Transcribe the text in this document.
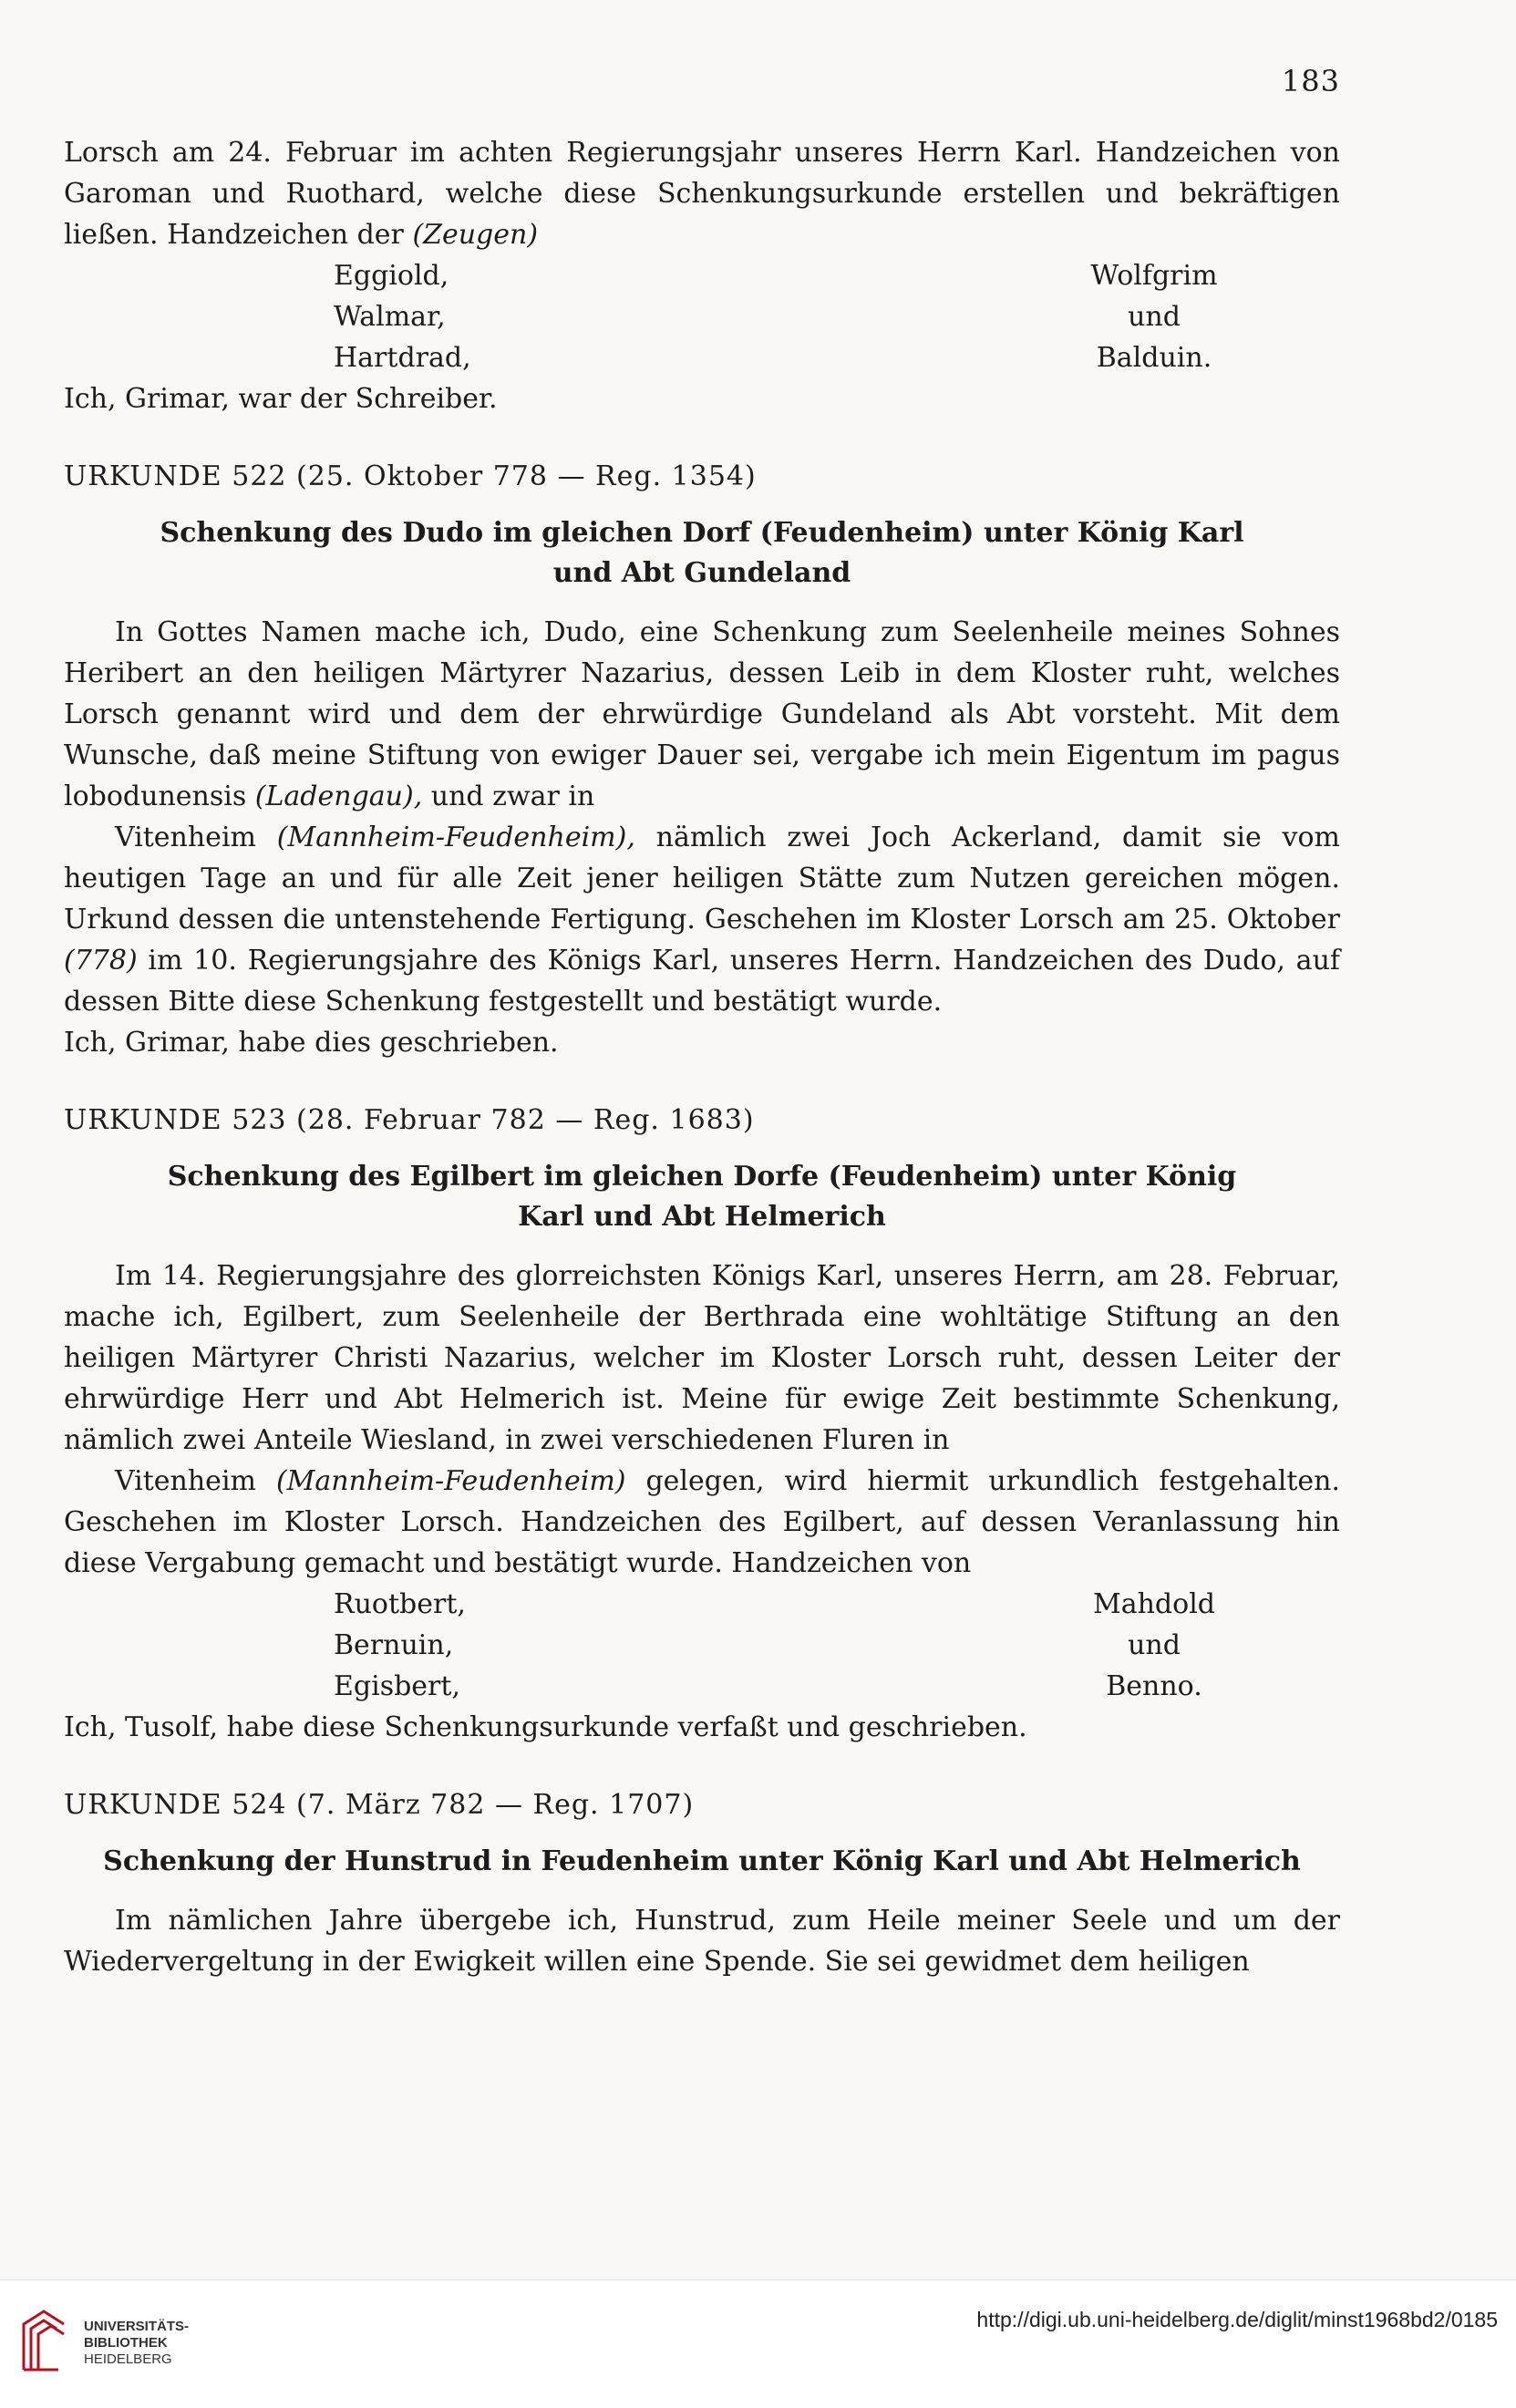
183

Lorsch am 24. Februar im achten Regierungsjahr unseres Herrn Karl. Handzeichen von

Garoman und Ruothard, welche diese Schenkungsurkunde erstellen und bekräftigen

ließen. Handzeichen der (Zeugen)

Eggiold,	Wolfgrim
Walmar,	und
Hartdrad,	Balduin.

Ich, Grimar, war der Schreiber.

URKUNDE 522 (25. Oktober 778 — Reg. 1354)

Schenkung des Dudo im gleichen Dorf (Feudenheim) unter König Karl
und Abt Gundeland

In Gottes Namen mache ich, Dudo, eine Schenkung zum Seelenheile meines Sohnes Heribert an den heiligen Märtyrer Nazarius, dessen Leib in dem Kloster ruht, welches Lorsch genannt wird und dem der ehrwürdige Gundeland als Abt vorsteht. Mit dem Wunsche, daß meine Stiftung von ewiger Dauer sei, vergabe ich mein Eigentum im pagus lobodunensis (Ladengau), und zwar in

Vitenheim (Mannheim-Feudenheim), nämlich zwei Joch Ackerland, damit sie vom heutigen Tage an und für alle Zeit jener heiligen Stätte zum Nutzen gereichen mögen. Urkund dessen die untenstehende Fertigung. Geschehen im Kloster Lorsch am 25. Oktober (778) im 10. Regierungsjahre des Königs Karl, unseres Herrn. Handzeichen des Dudo, auf dessen Bitte diese Schenkung festgestellt und bestätigt wurde.

Ich, Grimar, habe dies geschrieben.

URKUNDE 523 (28. Februar 782 — Reg. 1683)

Schenkung des Egilbert im gleichen Dorfe (Feudenheim) unter König
Karl und Abt Helmerich

Im 14. Regierungsjahre des glorreichsten Königs Karl, unseres Herrn, am 28. Februar, mache ich, Egilbert, zum Seelenheile der Berthrada eine wohltätige Stiftung an den heiligen Märtyrer Christi Nazarius, welcher im Kloster Lorsch ruht, dessen Leiter der ehrwürdige Herr und Abt Helmerich ist. Meine für ewige Zeit bestimmte Schenkung, nämlich zwei Anteile Wiesland, in zwei verschiedenen Fluren in

Vitenheim (Mannheim-Feudenheim) gelegen, wird hiermit urkundlich festgehalten. Geschehen im Kloster Lorsch. Handzeichen des Egilbert, auf dessen Veranlassung hin diese Vergabung gemacht und bestätigt wurde. Handzeichen von

Ruotbert,	Mahdold
Bernuin,	und
Egisbert,	Benno.

Ich, Tusolf, habe diese Schenkungsurkunde verfaßt und geschrieben.

URKUNDE 524 (7. März 782 — Reg. 1707)

Schenkung der Hunstrud in Feudenheim unter König Karl und Abt Helmerich

Im nämlichen Jahre übergebe ich, Hunstrud, zum Heile meiner Seele und um der Wiedervergeltung in der Ewigkeit willen eine Spende. Sie sei gewidmet dem heiligen

UNIVERSITÄTS-
BIBLIOTHEK
HEIDELBERG
http://digi.ub.uni-heidelberg.de/diglit/minst1968bd2/0185
